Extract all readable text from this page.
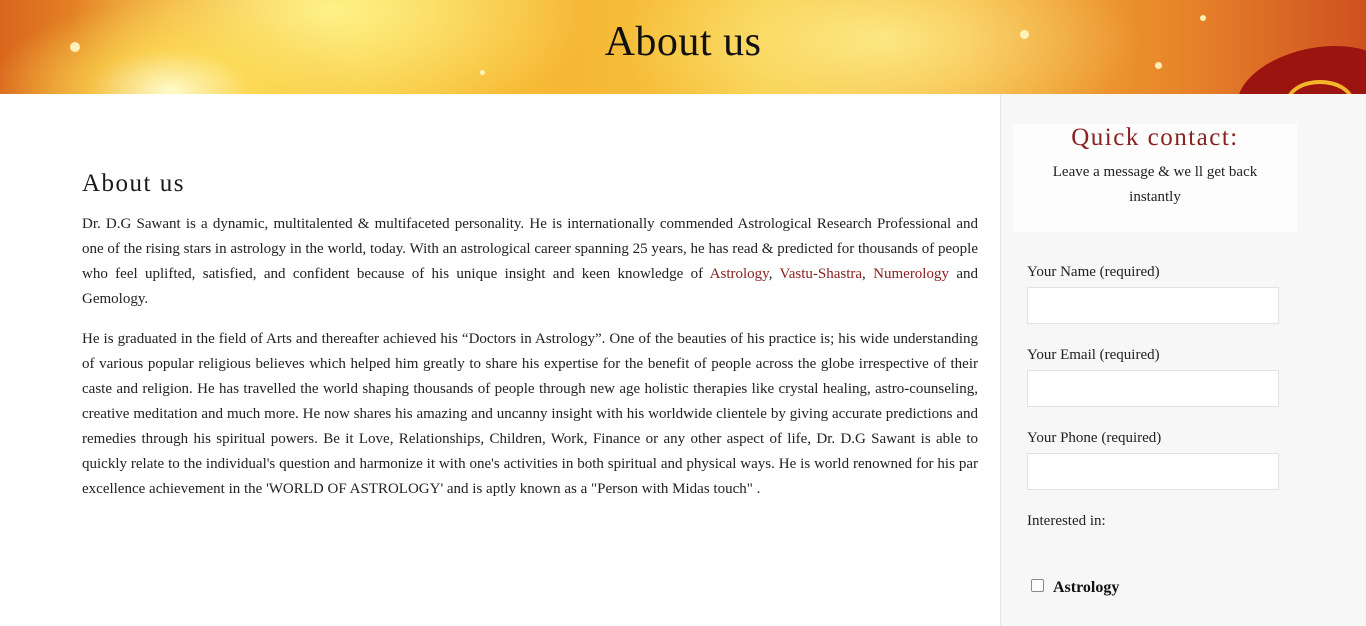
About us
About us

Dr. D.G Sawant is a dynamic, multitalented & multifaceted personality. He is internationally commended Astrological Research Professional and one of the rising stars in astrology in the world, today. With an astrological career spanning 25 years, he has read & predicted for thousands of people who feel uplifted, satisfied, and confident because of his unique insight and keen knowledge of Astrology, Vastu-Shastra, Numerology and Gemology.

He is graduated in the field of Arts and thereafter achieved his “Doctors in Astrology”. One of the beauties of his practice is; his wide understanding of various popular religious believes which helped him greatly to share his expertise for the benefit of people across the globe irrespective of their caste and religion. He has travelled the world shaping thousands of people through new age holistic therapies like crystal healing, astro-counseling, creative meditation and much more. He now shares his amazing and uncanny insight with his worldwide clientele by giving accurate predictions and remedies through his spiritual powers. Be it Love, Relationships, Children, Work, Finance or any other aspect of life, Dr. D.G Sawant is able to quickly relate to the individual's question and harmonize it with one's activities in both spiritual and physical ways. He is world renowned for his par excellence achievement in the 'WORLD OF ASTROLOGY' and is aptly known as a "Person with Midas touch" .

Quick contact:
Leave a message & we ll get back instantly
Your Name (required)
Your Email (required)
Your Phone (required)
Interested in:
Astrology
